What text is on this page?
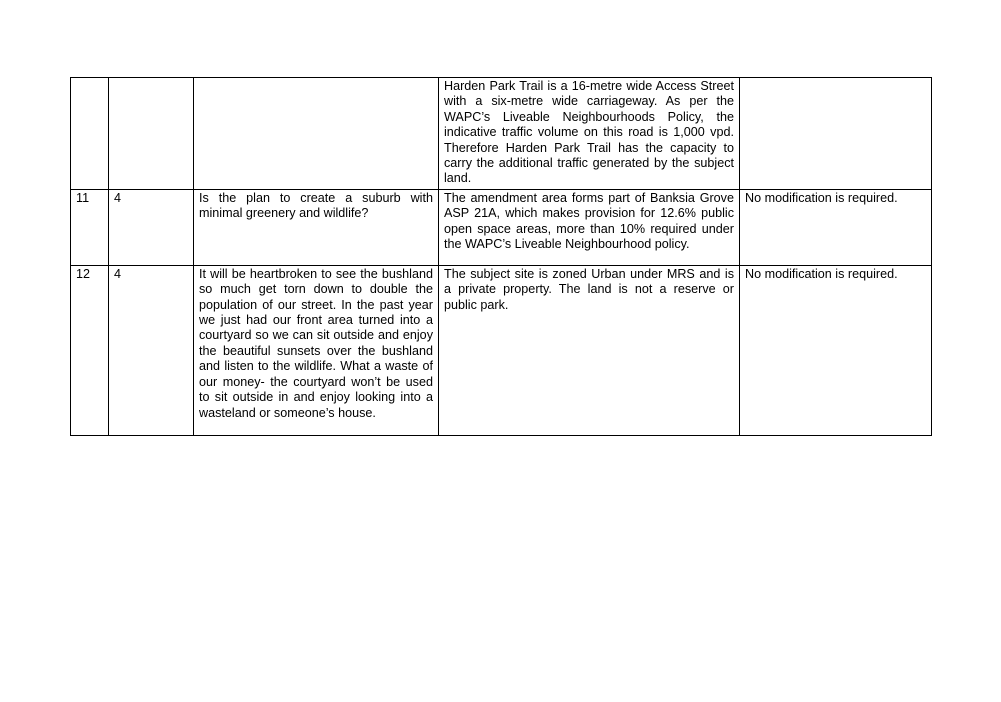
			Harden Park Trail is a 16-metre wide Access Street with a six-metre wide carriageway. As per the WAPC’s Liveable Neighbourhoods Policy, the indicative traffic volume on this road is 1,000 vpd. Therefore Harden Park Trail has the capacity to carry the additional traffic generated by the subject land.	
11	4	Is the plan to create a suburb with minimal greenery and wildlife?	The amendment area forms part of Banksia Grove ASP 21A, which makes provision for 12.6% public open space areas, more than 10% required under the WAPC’s Liveable Neighbourhood policy.	No modification is required.
12	4	It will be heartbroken to see the bushland so much get torn down to double the population of our street. In the past year we just had our front area turned into a courtyard so we can sit outside and enjoy the beautiful sunsets over the bushland and listen to the wildlife. What a waste of our money- the courtyard won’t be used to sit outside in and enjoy looking into a wasteland or someone’s house.	The subject site is zoned Urban under MRS and is a private property. The land is not a reserve or public park.	No modification is required.
